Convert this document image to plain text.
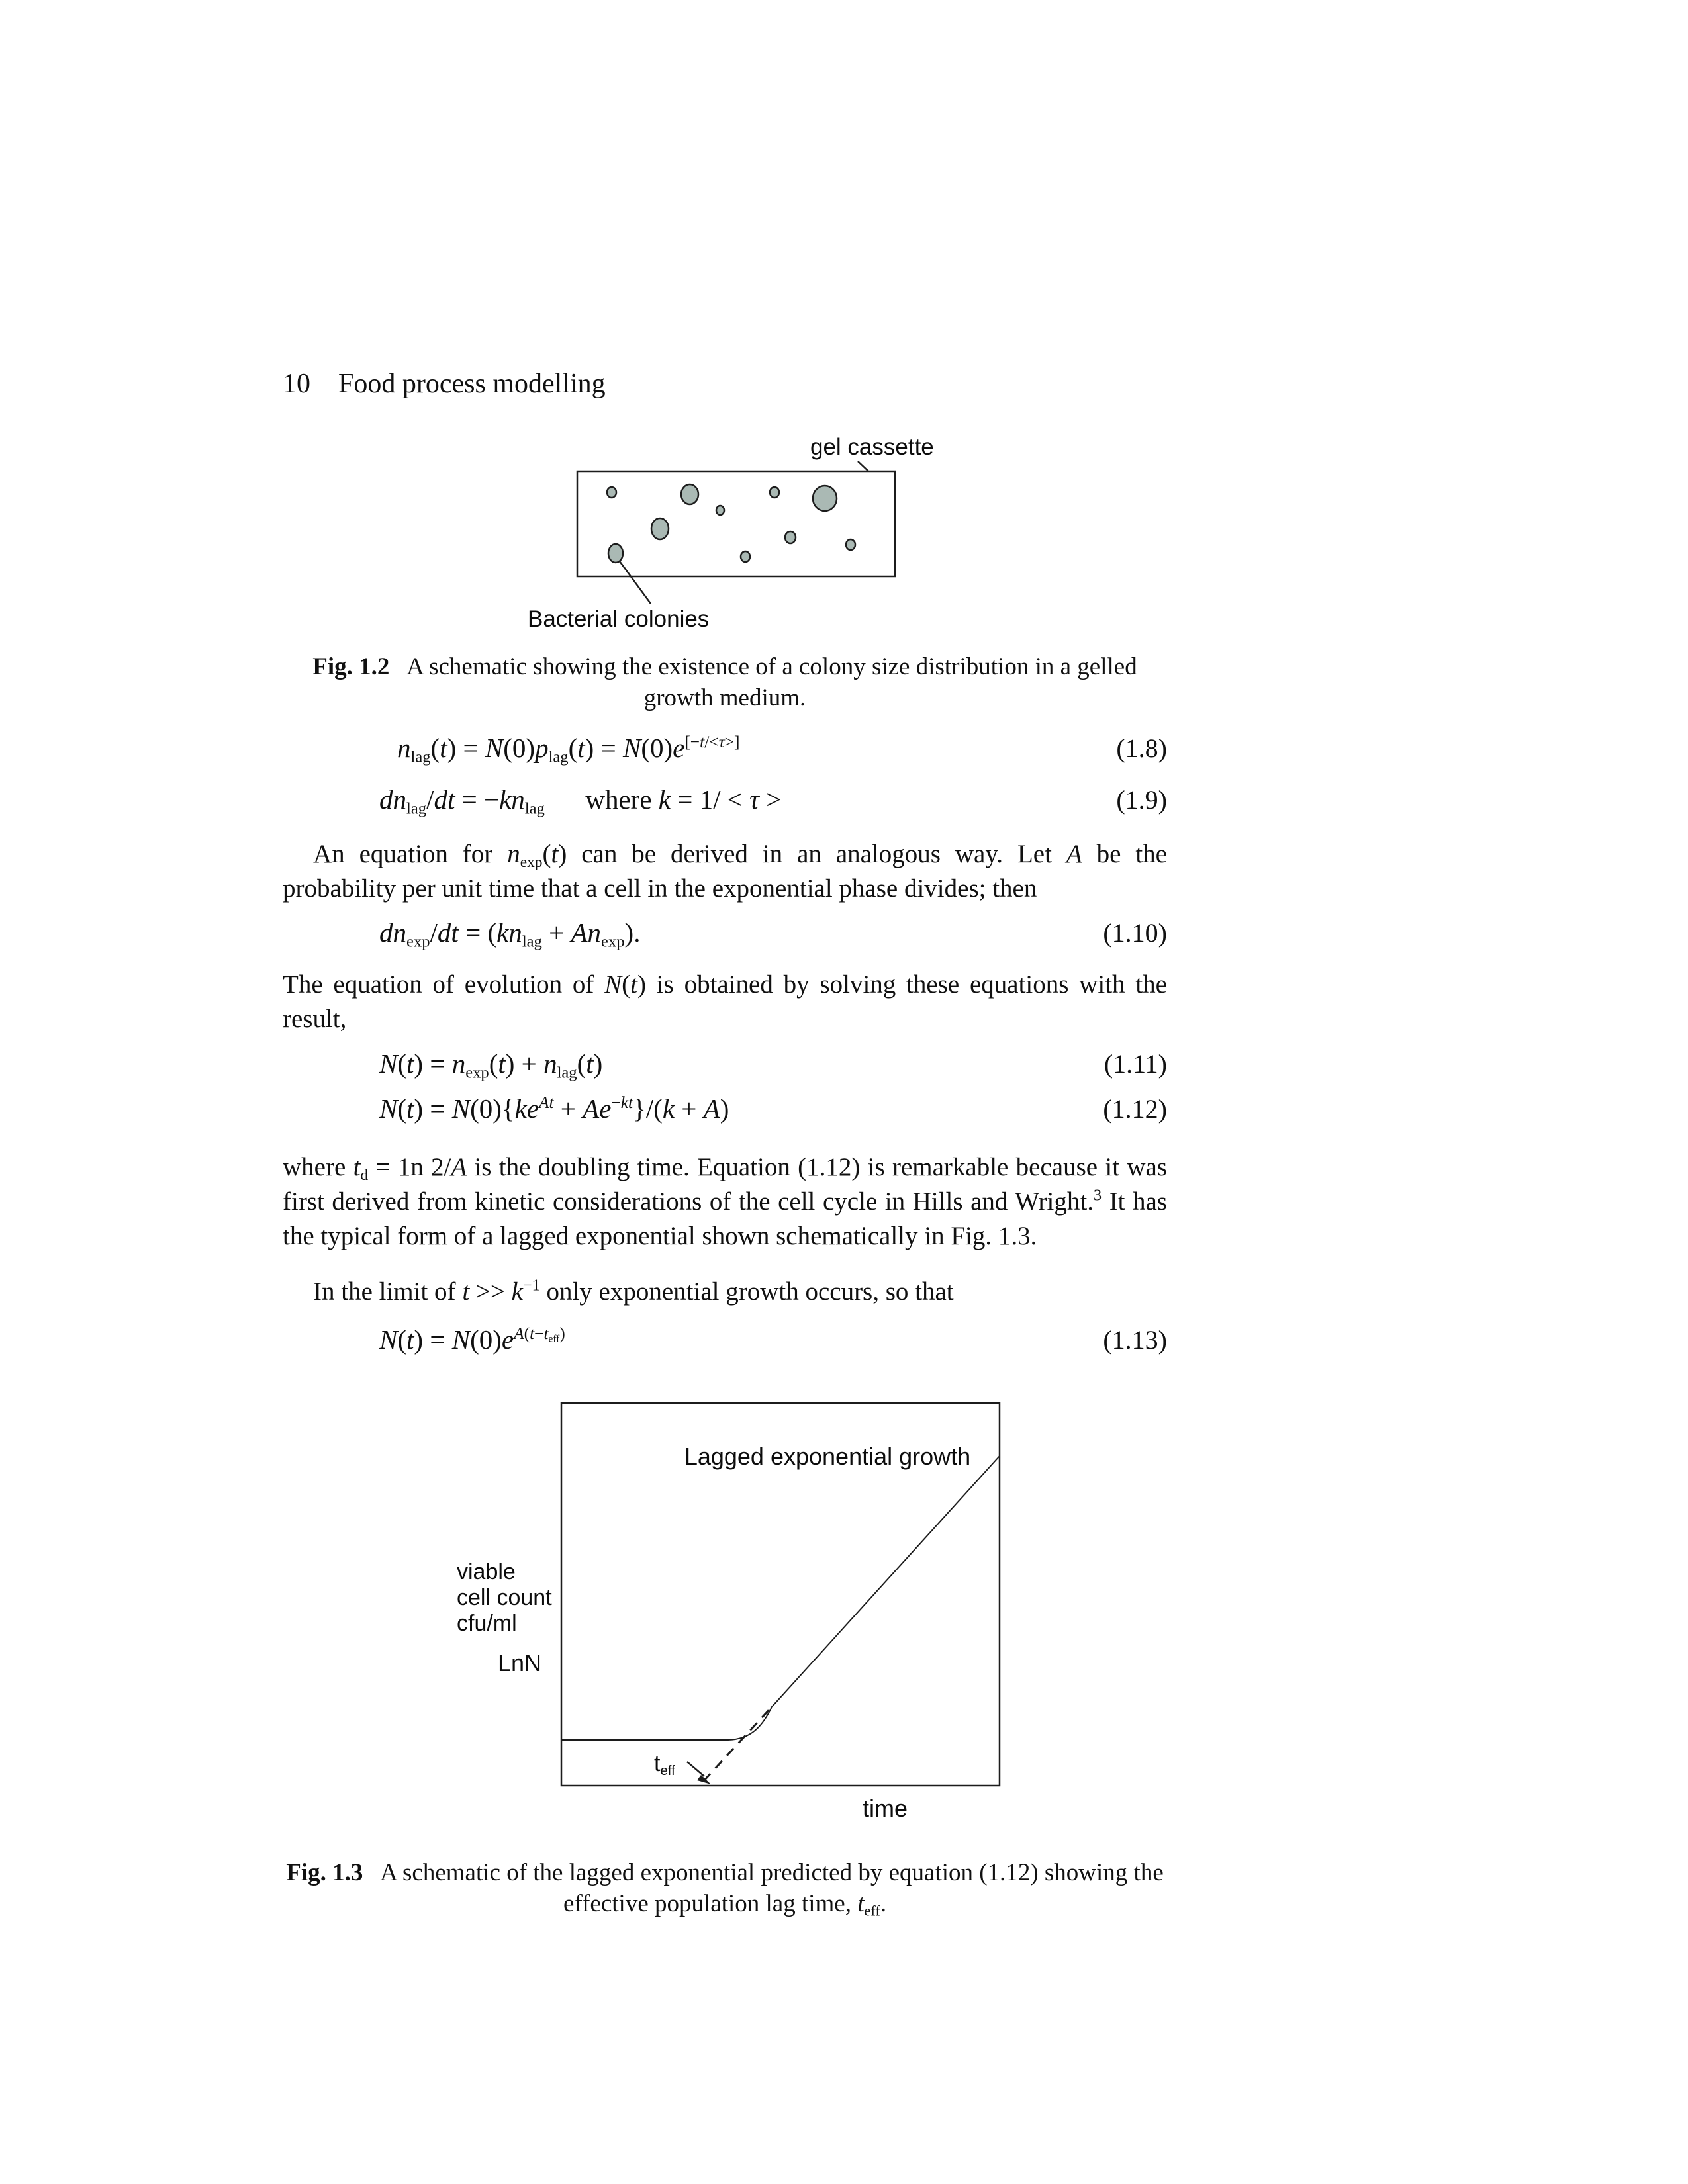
10 Food process modelling
gel cassette
Bacterial colonies
Fig. 1.2  A schematic showing the existence of a colony size distribution in a gelled growth medium.
$n_{lag}(t) = N(0)p_{lag}(t) = N(0)e[-t/<\tau>]$	(1.8)
$dn_{lag}/dt = -kn_{lag}$  where k = 1/ < τ >	(1.9)
An equation for $n_{exp}(t)$ can be derived in an analogous way. Let A be the probability per unit time that a cell in the exponential phase divides; then
$dn_{exp}/dt = (kn_{lag} + An_{exp})$.	(1.10)
The equation of evolution of N(t) is obtained by solving these equations with the result,
$N(t) = n_{exp}(t) + n_{lag}(t)$	(1.11)
$N(t) = N(0)\{ke^{At} + Ae^{-kt}\}/(k + A)$	(1.12)
where $t_d = 1n$ 2/A is the doubling time. Equation (1.12) is remarkable because it was first derived from kinetic considerations of the cell cycle in Hills and Wright.$^3$ It has the typical form of a lagged exponential shown schematically in Fig. 1.3.
In the limit of $t >> k^{-1}$ only exponential growth occurs, so that
$N(t) = N(0)e^{A(t-t_{eff})}$	(1.13)
Lagged exponential growth
viable
cell count
cfu/ml
LnN
$t_{eff}$
time
Fig. 1.3  A schematic of the lagged exponential predicted by equation (1.12) showing the effective population lag time, $t_{eff}$.
